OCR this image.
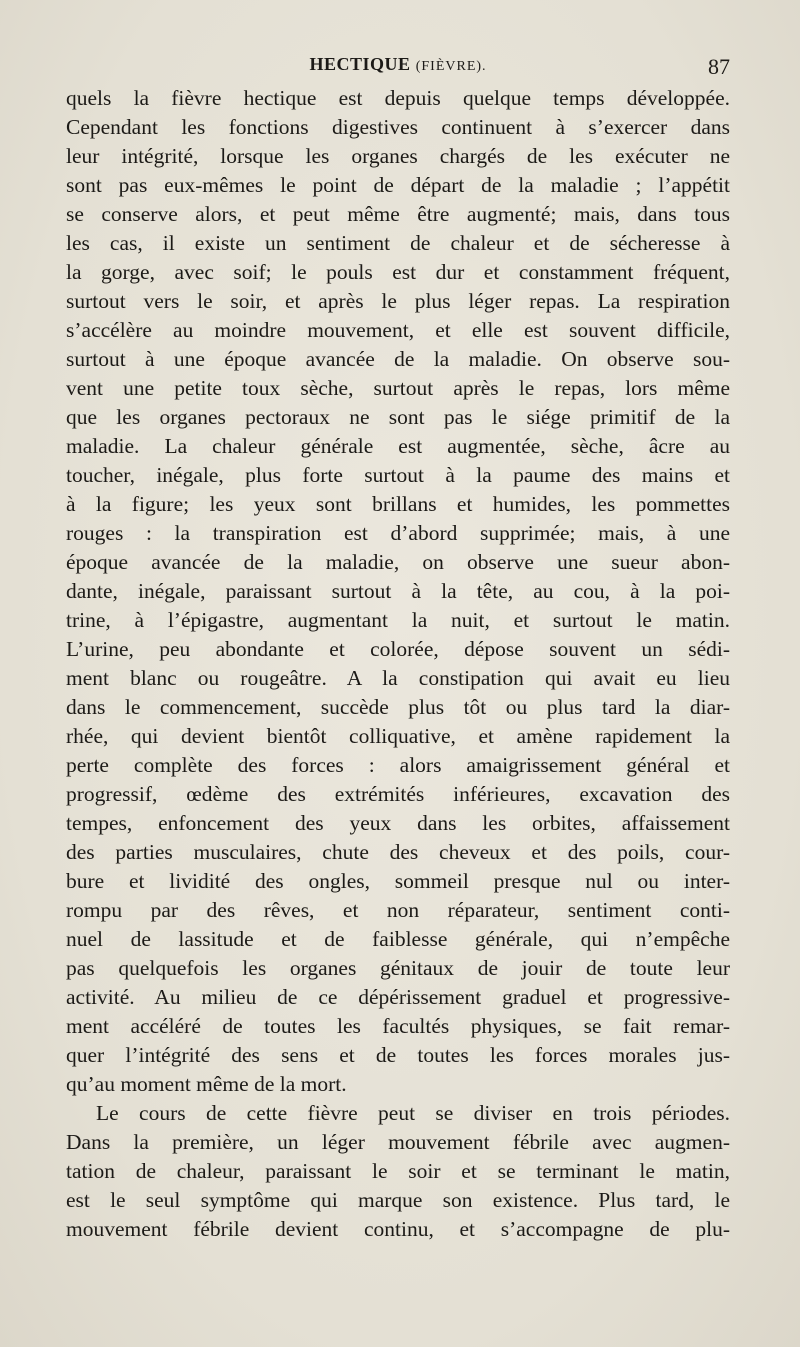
HECTIQUE (FIÈVRE).	87
quels la fièvre hectique est depuis quelque temps développée.
Cependant les fonctions digestives continuent à s’exercer dans
leur intégrité, lorsque les organes chargés de les exécuter ne
sont pas eux-mêmes le point de départ de la maladie ; l’appétit
se conserve alors, et peut même être augmenté; mais, dans tous
les cas, il existe un sentiment de chaleur et de sécheresse à
la gorge, avec soif; le pouls est dur et constamment fréquent,
surtout vers le soir, et après le plus léger repas. La respiration
s’accélère au moindre mouvement, et elle est souvent difficile,
surtout à une époque avancée de la maladie. On observe sou-
vent une petite toux sèche, surtout après le repas, lors même
que les organes pectoraux ne sont pas le siége primitif de la
maladie. La chaleur générale est augmentée, sèche, âcre au
toucher, inégale, plus forte surtout à la paume des mains et
à la figure; les yeux sont brillans et humides, les pommettes
rouges : la transpiration est d’abord supprimée; mais, à une
époque avancée de la maladie, on observe une sueur abon-
dante, inégale, paraissant surtout à la tête, au cou, à la poi-
trine, à l’épigastre, augmentant la nuit, et surtout le matin.
L’urine, peu abondante et colorée, dépose souvent un sédi-
ment blanc ou rougeâtre. A la constipation qui avait eu lieu
dans le commencement, succède plus tôt ou plus tard la diar-
rhée, qui devient bientôt colliquative, et amène rapidement la
perte complète des forces : alors amaigrissement général et
progressif, œdème des extrémités inférieures, excavation des
tempes, enfoncement des yeux dans les orbites, affaissement
des parties musculaires, chute des cheveux et des poils, cour-
bure et lividité des ongles, sommeil presque nul ou inter-
rompu par des rêves, et non réparateur, sentiment conti-
nuel de lassitude et de faiblesse générale, qui n’empêche
pas quelquefois les organes génitaux de jouir de toute leur
activité. Au milieu de ce dépérissement graduel et progressive-
ment accéléré de toutes les facultés physiques, se fait remar-
quer l’intégrité des sens et de toutes les forces morales jus-
qu’au moment même de la mort.
Le cours de cette fièvre peut se diviser en trois périodes.
Dans la première, un léger mouvement fébrile avec augmen-
tation de chaleur, paraissant le soir et se terminant le matin,
est le seul symptôme qui marque son existence. Plus tard, le
mouvement fébrile devient continu, et s’accompagne de plu-
